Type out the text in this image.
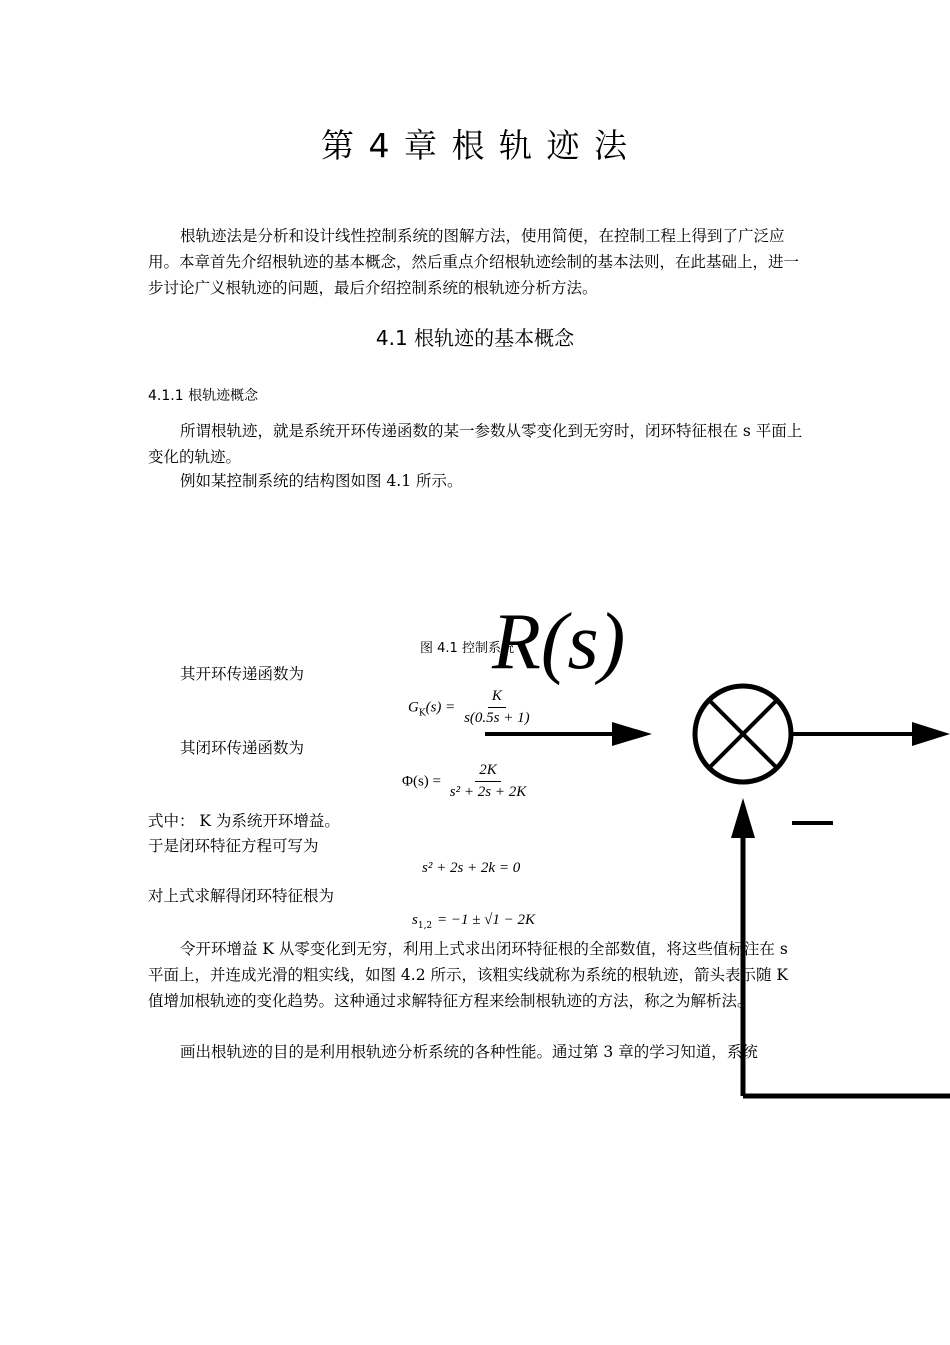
第 4 章 根 轨 迹 法
根轨迹法是分析和设计线性控制系统的图解方法，使用简便，在控制工程上得到了广泛应用。本章首先介绍根轨迹的基本概念，然后重点介绍根轨迹绘制的基本法则，在此基础上，进一步讨论广义根轨迹的问题，最后介绍控制系统的根轨迹分析方法。
4.1 根轨迹的基本概念
4.1.1 根轨迹概念
所谓根轨迹，就是系统开环传递函数的某一参数从零变化到无穷时，闭环特征根在 s 平面上变化的轨迹。
例如某控制系统的结构图如图 4.1 所示。
图 4.1 控制系统
其开环传递函数为
$G_K(s) = \frac{K}{s(0.5s + 1)}$
其闭环传递函数为
$\Phi(s) = \frac{2K}{\text{s² + 2s + 2K}}$
式中： K 为系统开环增益。
于是闭环特征方程可写为
s² + 2s + 2k = 0
对上式求解得闭环特征根为
$s_{1,2} = -1 \pm √1 - 2K$
令开环增益 K 从零变化到无穷，利用上式求出闭环特征根的全部数值，将这些值标注在 s 平面上，并连成光滑的粗实线，如图 4.2 所示，该粗实线就称为系统的根轨迹，箭头表示随 K 值增加根轨迹的变化趋势。这种通过求解特征方程来绘制根轨迹的方法，称之为解析法。
画出根轨迹的目的是利用根轨迹分析系统的各种性能。通过第 3 章的学习知道，系统
R(s)
